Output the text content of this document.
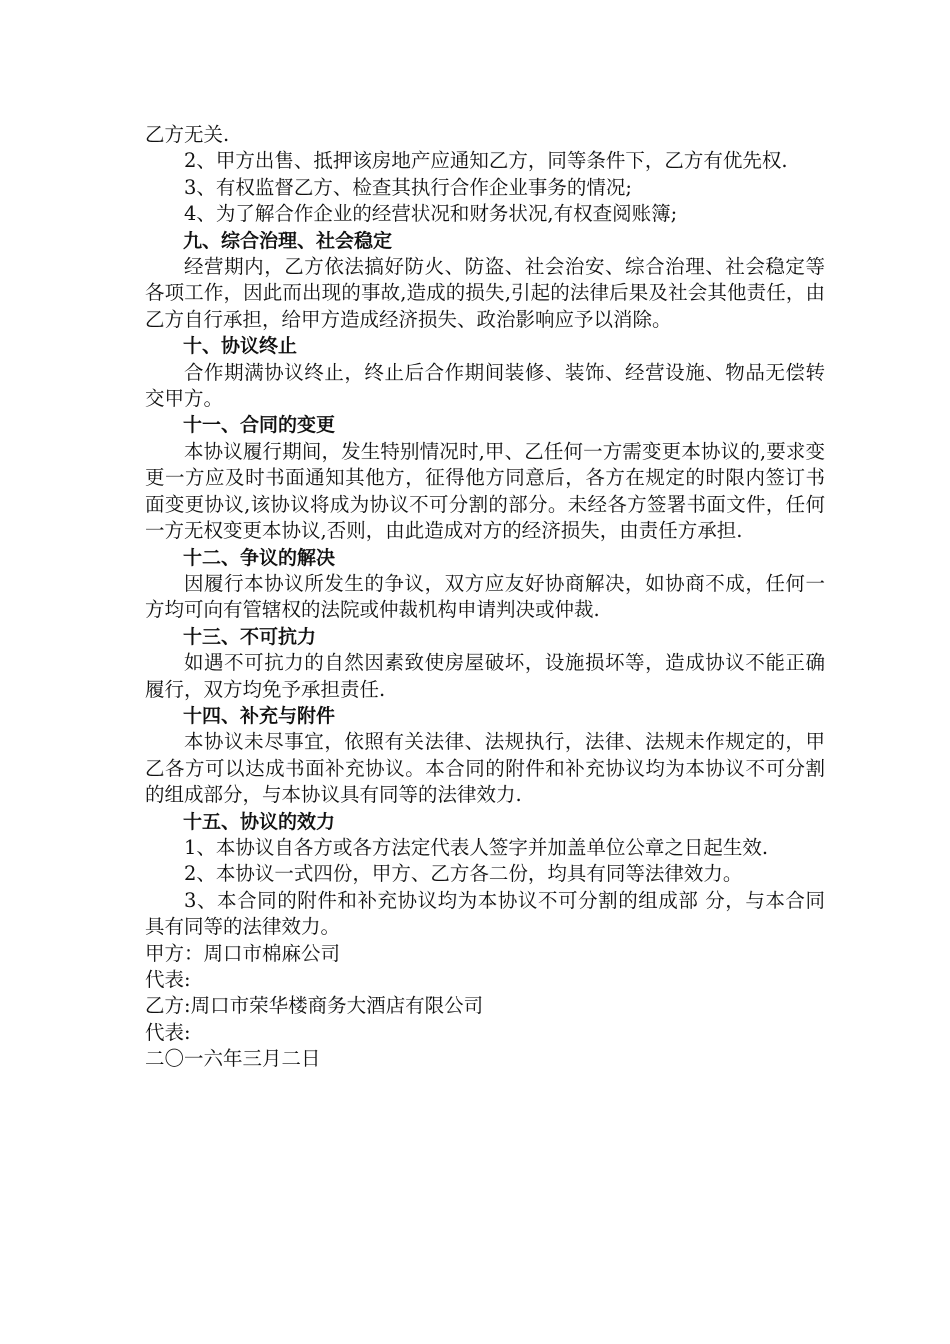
乙方无关.

2、甲方出售、抵押该房地产应通知乙方，同等条件下，乙方有优先权.

3、有权监督乙方、检查其执行合作企业事务的情况;

4、为了解合作企业的经营状况和财务状况,有权查阅账簿;

九、综合治理、社会稳定

经营期内，乙方依法搞好防火、防盗、社会治安、综合治理、社会稳定等各项工作，因此而出现的事故,造成的损失,引起的法律后果及社会其他责任，由乙方自行承担，给甲方造成经济损失、政治影响应予以消除。

十、协议终止

合作期满协议终止，终止后合作期间装修、装饰、经营设施、物品无偿转交甲方。

十一、合同的变更

本协议履行期间，发生特别情况时,甲、乙任何一方需变更本协议的,要求变更一方应及时书面通知其他方，征得他方同意后，各方在规定的时限内签订书面变更协议,该协议将成为协议不可分割的部分。未经各方签署书面文件，任何一方无权变更本协议,否则，由此造成对方的经济损失，由责任方承担.

十二、争议的解决

因履行本协议所发生的争议，双方应友好协商解决，如协商不成，任何一方均可向有管辖权的法院或仲裁机构申请判决或仲裁.

十三、不可抗力

如遇不可抗力的自然因素致使房屋破坏，设施损坏等，造成协议不能正确履行，双方均免予承担责任.

十四、补充与附件

本协议未尽事宜，依照有关法律、法规执行，法律、法规未作规定的，甲乙各方可以达成书面补充协议。本合同的附件和补充协议均为本协议不可分割的组成部分，与本协议具有同等的法律效力.

十五、协议的效力

1、本协议自各方或各方法定代表人签字并加盖单位公章之日起生效.

2、本协议一式四份，甲方、乙方各二份，均具有同等法律效力。

3、本合同的附件和补充协议均为本协议不可分割的组成部 分，与本合同具有同等的法律效力。

甲方：周口市棉麻公司

代表:

乙方:周口市荣华楼商务大酒店有限公司

代表:

二〇一六年三月二日
